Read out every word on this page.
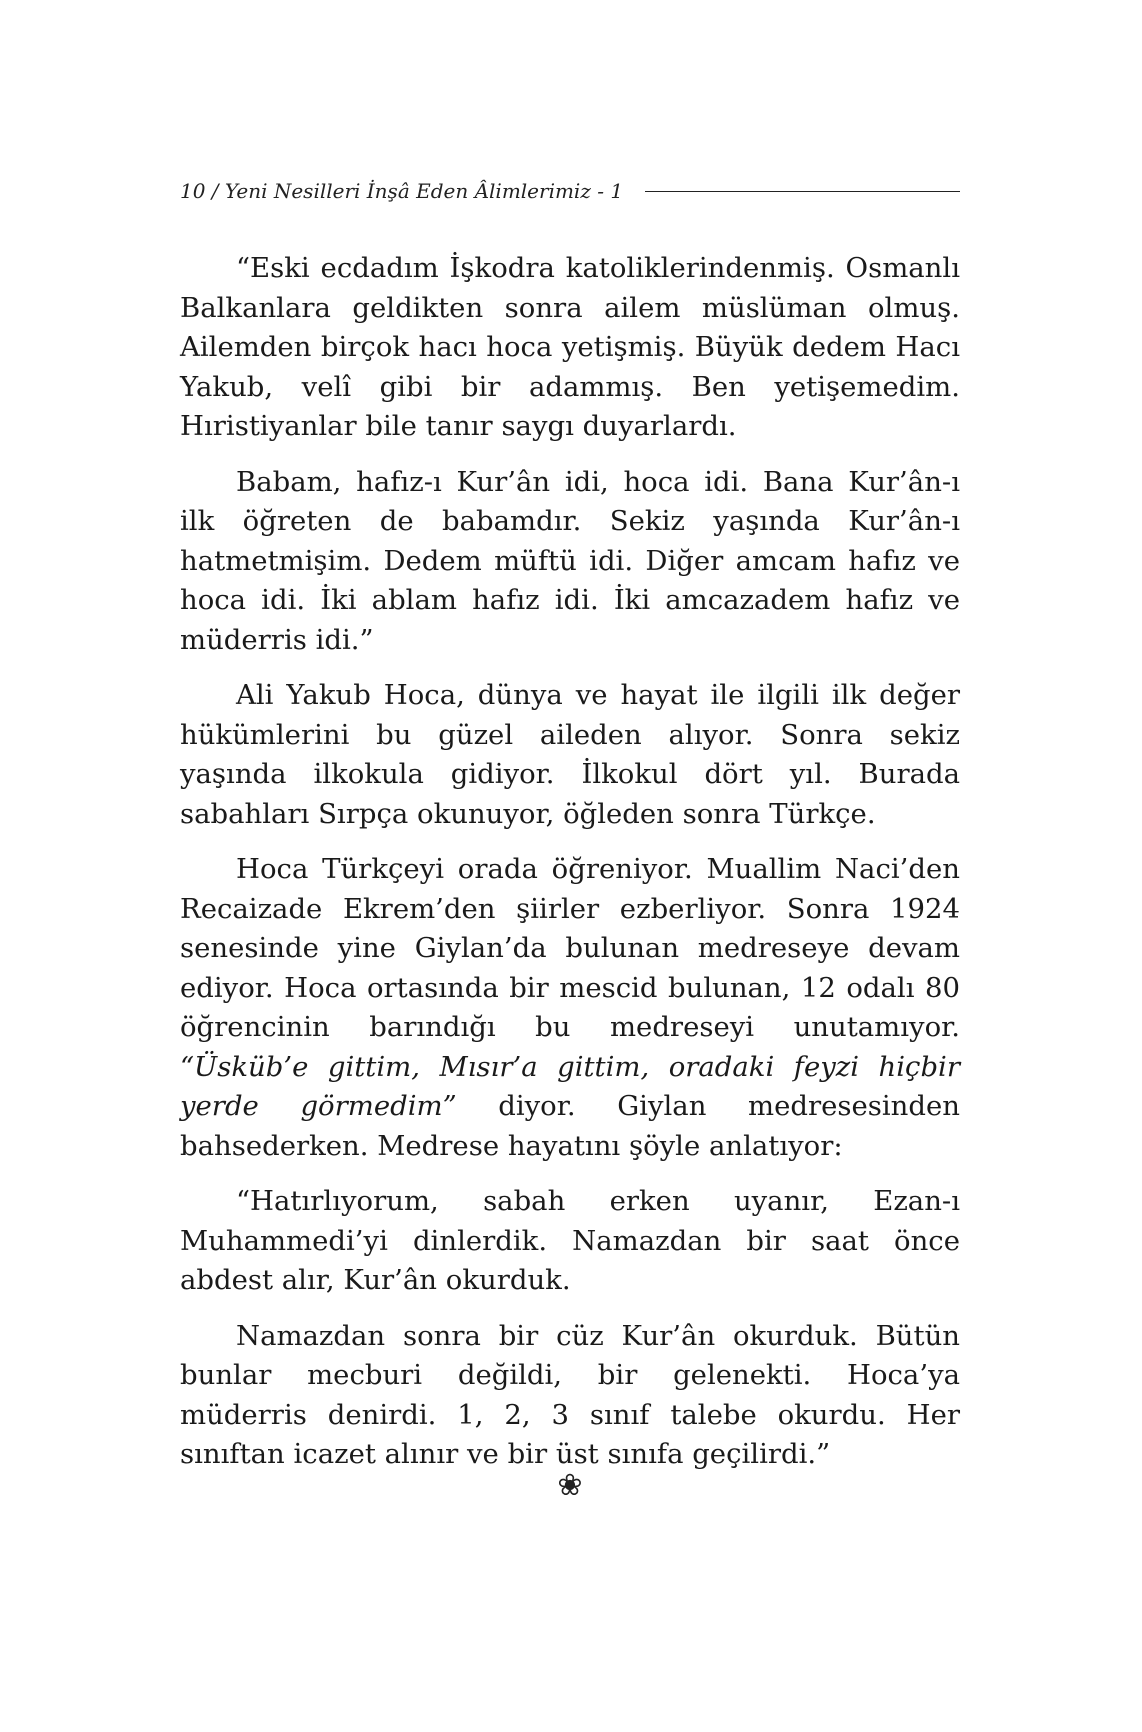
10 / Yeni Nesilleri İnşâ Eden Âlimlerimiz - 1

“Eski ecdadım İşkodra katoliklerindenmiş. Osmanlı Balkanlara geldikten sonra ailem müslüman olmuş. Ailemden birçok hacı hoca yetişmiş. Büyük dedem Hacı Yakub, velî gibi bir adammış. Ben yetişemedim. Hıristiyanlar bile tanır saygı duyarlardı.

Babam, hafız-ı Kur’ân idi, hoca idi. Bana Kur’ân-ı ilk öğreten de babamdır. Sekiz yaşında Kur’ân-ı hatmetmişim. Dedem müftü idi. Diğer amcam hafız ve hoca idi. İki ablam hafız idi. İki amcazadem hafız ve müderris idi.”

Ali Yakub Hoca, dünya ve hayat ile ilgili ilk değer hükümlerini bu güzel aileden alıyor. Sonra sekiz yaşında ilkokula gidiyor. İlkokul dört yıl. Burada sabahları Sırpça okunuyor, öğleden sonra Türkçe.

Hoca Türkçeyi orada öğreniyor. Muallim Naci’den Recaizade Ekrem’den şiirler ezberliyor. Sonra 1924 senesinde yine Giylan’da bulunan medreseye devam ediyor. Hoca ortasında bir mescid bulunan, 12 odalı 80 öğrencinin barındığı bu medreseyi unutamıyor. “Üsküb’e gittim, Mısır’a gittim, oradaki feyzi hiçbir yerde görmedim” diyor. Giylan medresesinden bahsederken. Medrese hayatını şöyle anlatıyor:

“Hatırlıyorum, sabah erken uyanır, Ezan-ı Muhammedi’yi dinlerdik. Namazdan bir saat önce abdest alır, Kur’ân okurduk.

Namazdan sonra bir cüz Kur’ân okurduk. Bütün bunlar mecburi değildi, bir gelenekti. Hoca’ya müderris denirdi. 1, 2, 3 sınıf talebe okurdu. Her sınıftan icazet alınır ve bir üst sınıfa geçilirdi.”

❀
